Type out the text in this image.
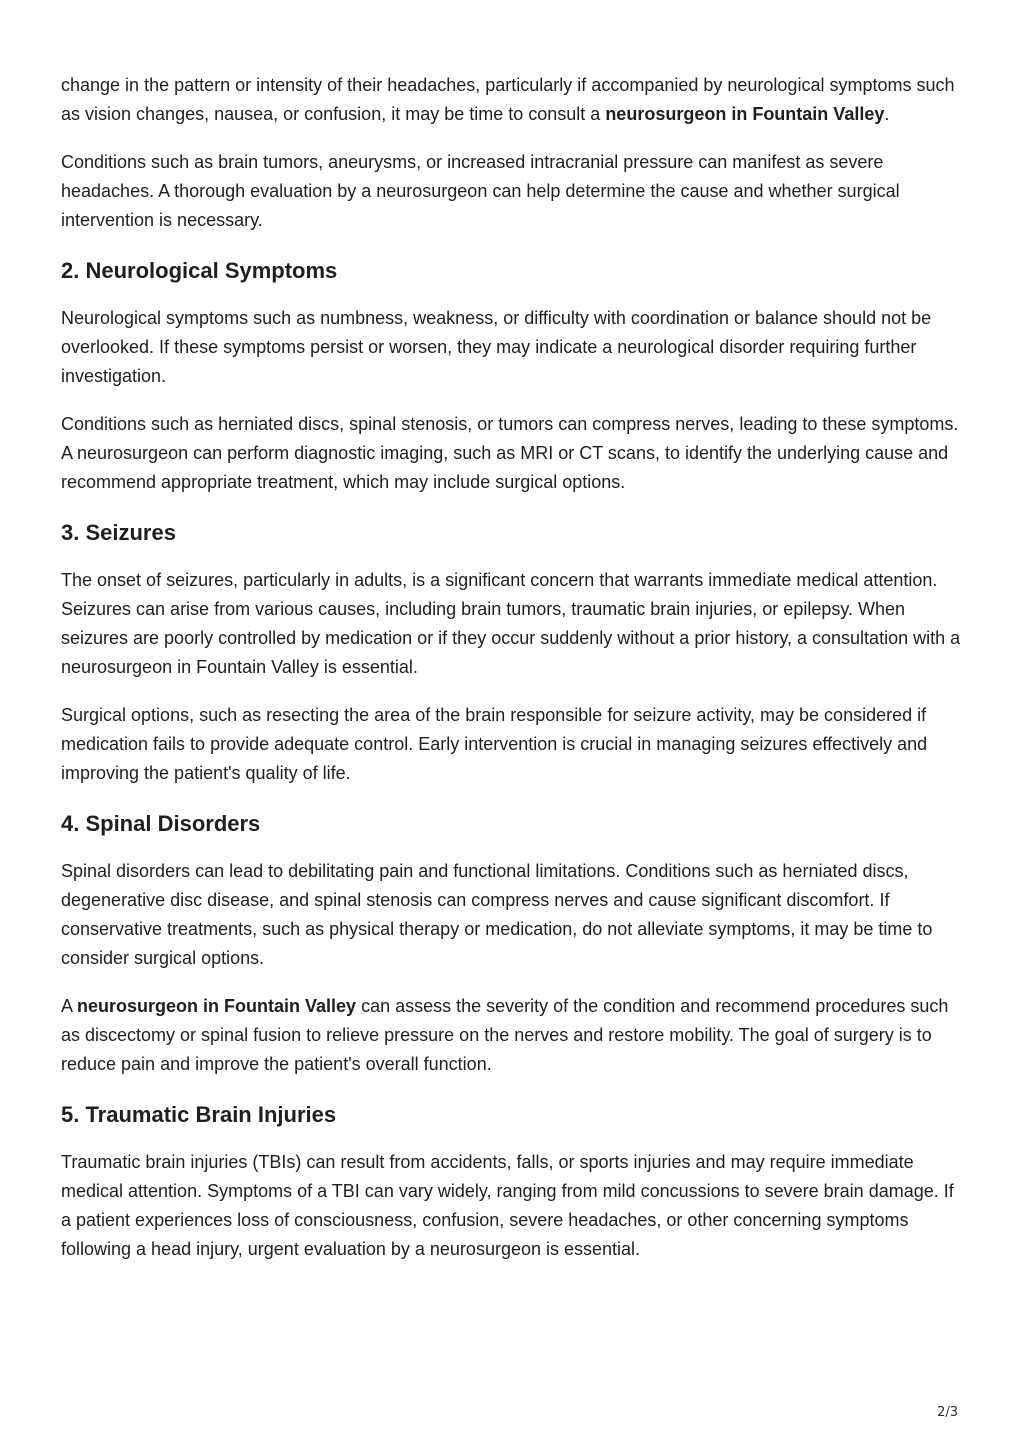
change in the pattern or intensity of their headaches, particularly if accompanied by neurological symptoms such as vision changes, nausea, or confusion, it may be time to consult a neurosurgeon in Fountain Valley.

Conditions such as brain tumors, aneurysms, or increased intracranial pressure can manifest as severe headaches. A thorough evaluation by a neurosurgeon can help determine the cause and whether surgical intervention is necessary.

2. Neurological Symptoms

Neurological symptoms such as numbness, weakness, or difficulty with coordination or balance should not be overlooked. If these symptoms persist or worsen, they may indicate a neurological disorder requiring further investigation.

Conditions such as herniated discs, spinal stenosis, or tumors can compress nerves, leading to these symptoms. A neurosurgeon can perform diagnostic imaging, such as MRI or CT scans, to identify the underlying cause and recommend appropriate treatment, which may include surgical options.

3. Seizures

The onset of seizures, particularly in adults, is a significant concern that warrants immediate medical attention. Seizures can arise from various causes, including brain tumors, traumatic brain injuries, or epilepsy. When seizures are poorly controlled by medication or if they occur suddenly without a prior history, a consultation with a neurosurgeon in Fountain Valley is essential.

Surgical options, such as resecting the area of the brain responsible for seizure activity, may be considered if medication fails to provide adequate control. Early intervention is crucial in managing seizures effectively and improving the patient's quality of life.

4. Spinal Disorders

Spinal disorders can lead to debilitating pain and functional limitations. Conditions such as herniated discs, degenerative disc disease, and spinal stenosis can compress nerves and cause significant discomfort. If conservative treatments, such as physical therapy or medication, do not alleviate symptoms, it may be time to consider surgical options.

A neurosurgeon in Fountain Valley can assess the severity of the condition and recommend procedures such as discectomy or spinal fusion to relieve pressure on the nerves and restore mobility. The goal of surgery is to reduce pain and improve the patient's overall function.

5. Traumatic Brain Injuries

Traumatic brain injuries (TBIs) can result from accidents, falls, or sports injuries and may require immediate medical attention. Symptoms of a TBI can vary widely, ranging from mild concussions to severe brain damage. If a patient experiences loss of consciousness, confusion, severe headaches, or other concerning symptoms following a head injury, urgent evaluation by a neurosurgeon is essential.

2/3
